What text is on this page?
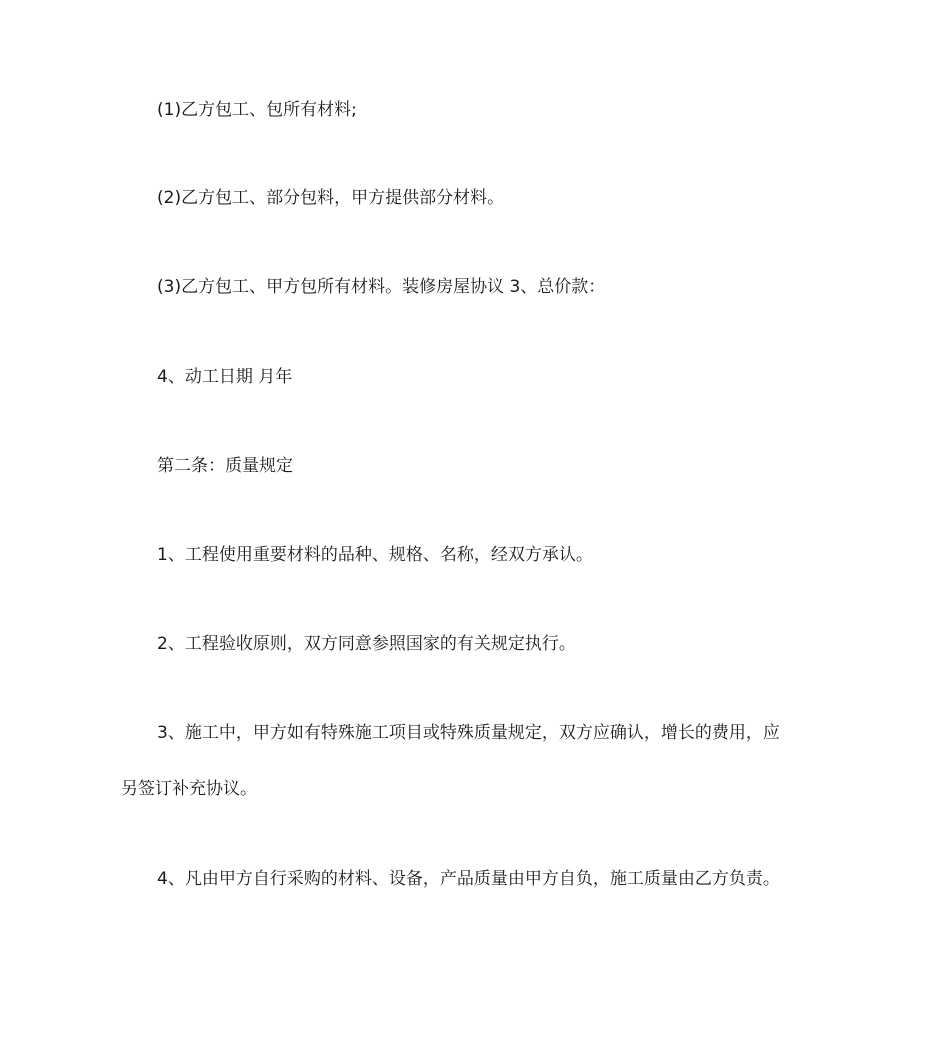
(1)乙方包工、包所有材料;

(2)乙方包工、部分包料，甲方提供部分材料。

(3)乙方包工、甲方包所有材料。装修房屋协议 3、总价款：

4、动工日期 月年

第二条：质量规定

1、工程使用重要材料的品种、规格、名称，经双方承认。

2、工程验收原则，双方同意参照国家的有关规定执行。

3、施工中，甲方如有特殊施工项目或特殊质量规定，双方应确认，增长的费用，应

另签订补充协议。

4、凡由甲方自行采购的材料、设备，产品质量由甲方自负，施工质量由乙方负责。
